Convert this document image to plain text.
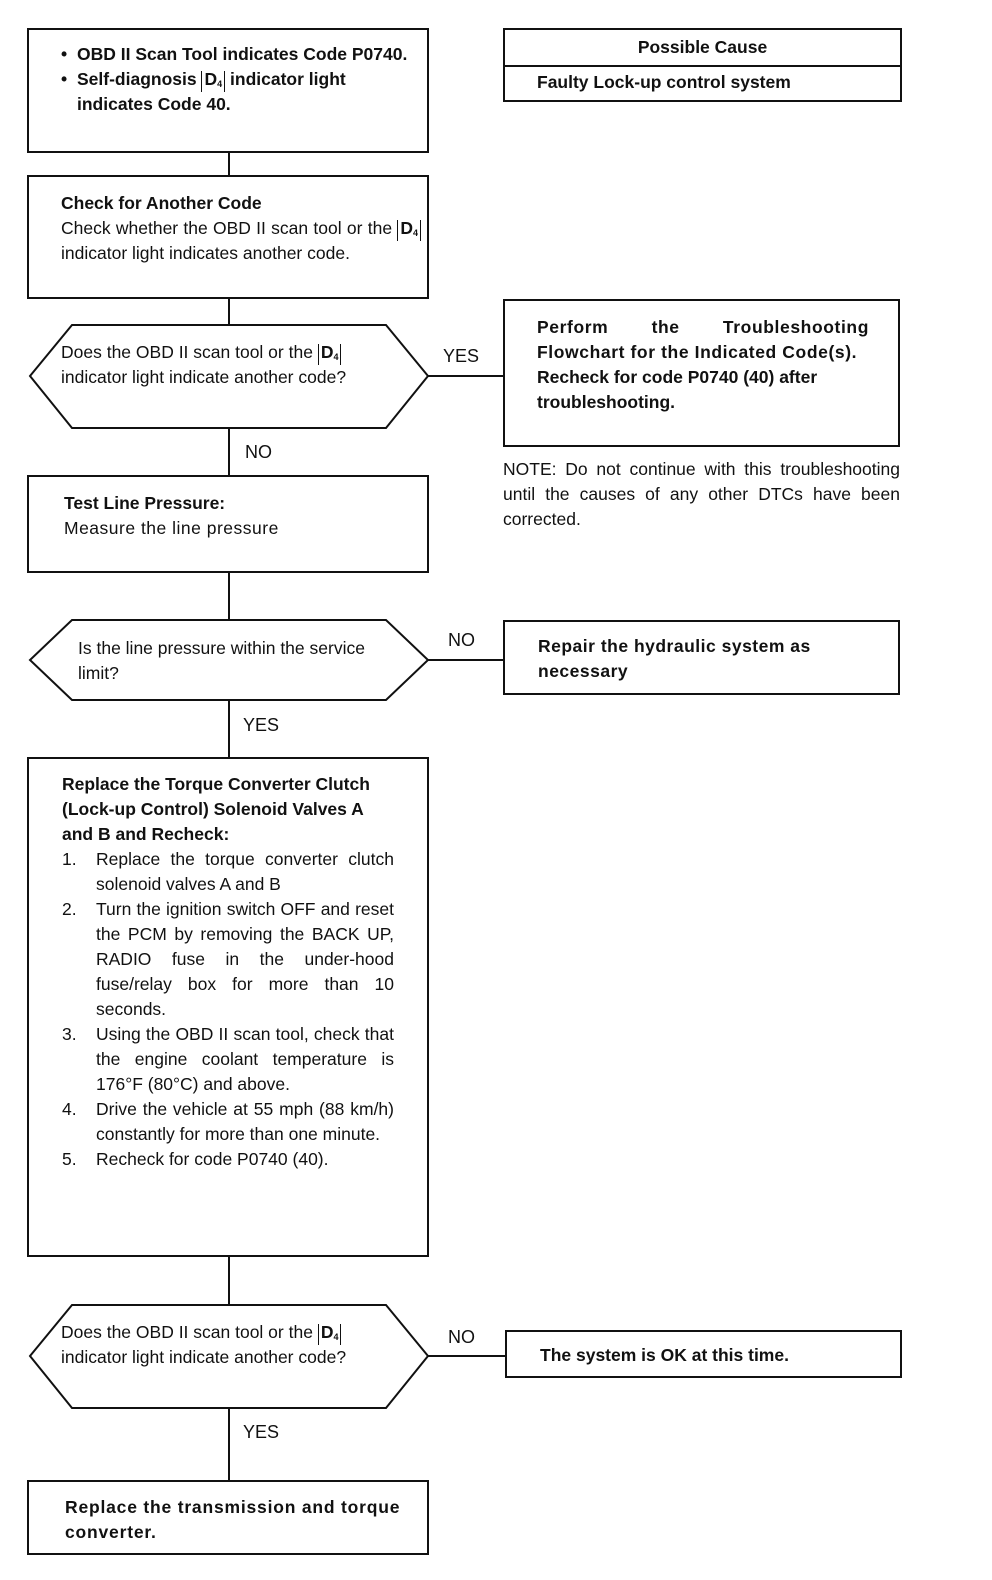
• OBD II Scan Tool indicates Code P0740.
• Self-diagnosis $D_4$ indicator light indicates Code 40.
Possible Cause
Faulty Lock-up control system
Check for Another Code
Check whether the OBD II scan tool or the $D_4$ indicator light indicates another code.
Does the OBD II scan tool or the $D_4$ indicator light indicate another code?
YES
Perform the Troubleshooting Flowchart for the Indicated Code(s).
Recheck for code P0740 (40) after troubleshooting.
NOTE: Do not continue with this troubleshooting until the causes of any other DTCs have been corrected.
NO
Test Line Pressure:
Measure the line pressure
Is the line pressure within the service limit?
NO	Repair the hydraulic system as necessary
YES
Replace the Torque Converter Clutch (Lock-up Control) Solenoid Valves A and B and Recheck:
1.	Replace the torque converter clutch solenoid valves A and B
2.	Turn the ignition switch OFF and reset the PCM by removing the BACK UP, RADIO fuse in the under-hood fuse/relay box for more than 10 seconds.
3.	Using the OBD II scan tool, check that the engine coolant temperature is 176°F (80°C) and above.
4.	Drive the vehicle at 55 mph (88 km/h) constantly for more than one minute.
5.	Recheck for code P0740 (40).
Does the OBD II scan tool or the $D_4$ indicator light indicate another code?
NO
The system is OK at this time.
YES
Replace the transmission and torque converter.
